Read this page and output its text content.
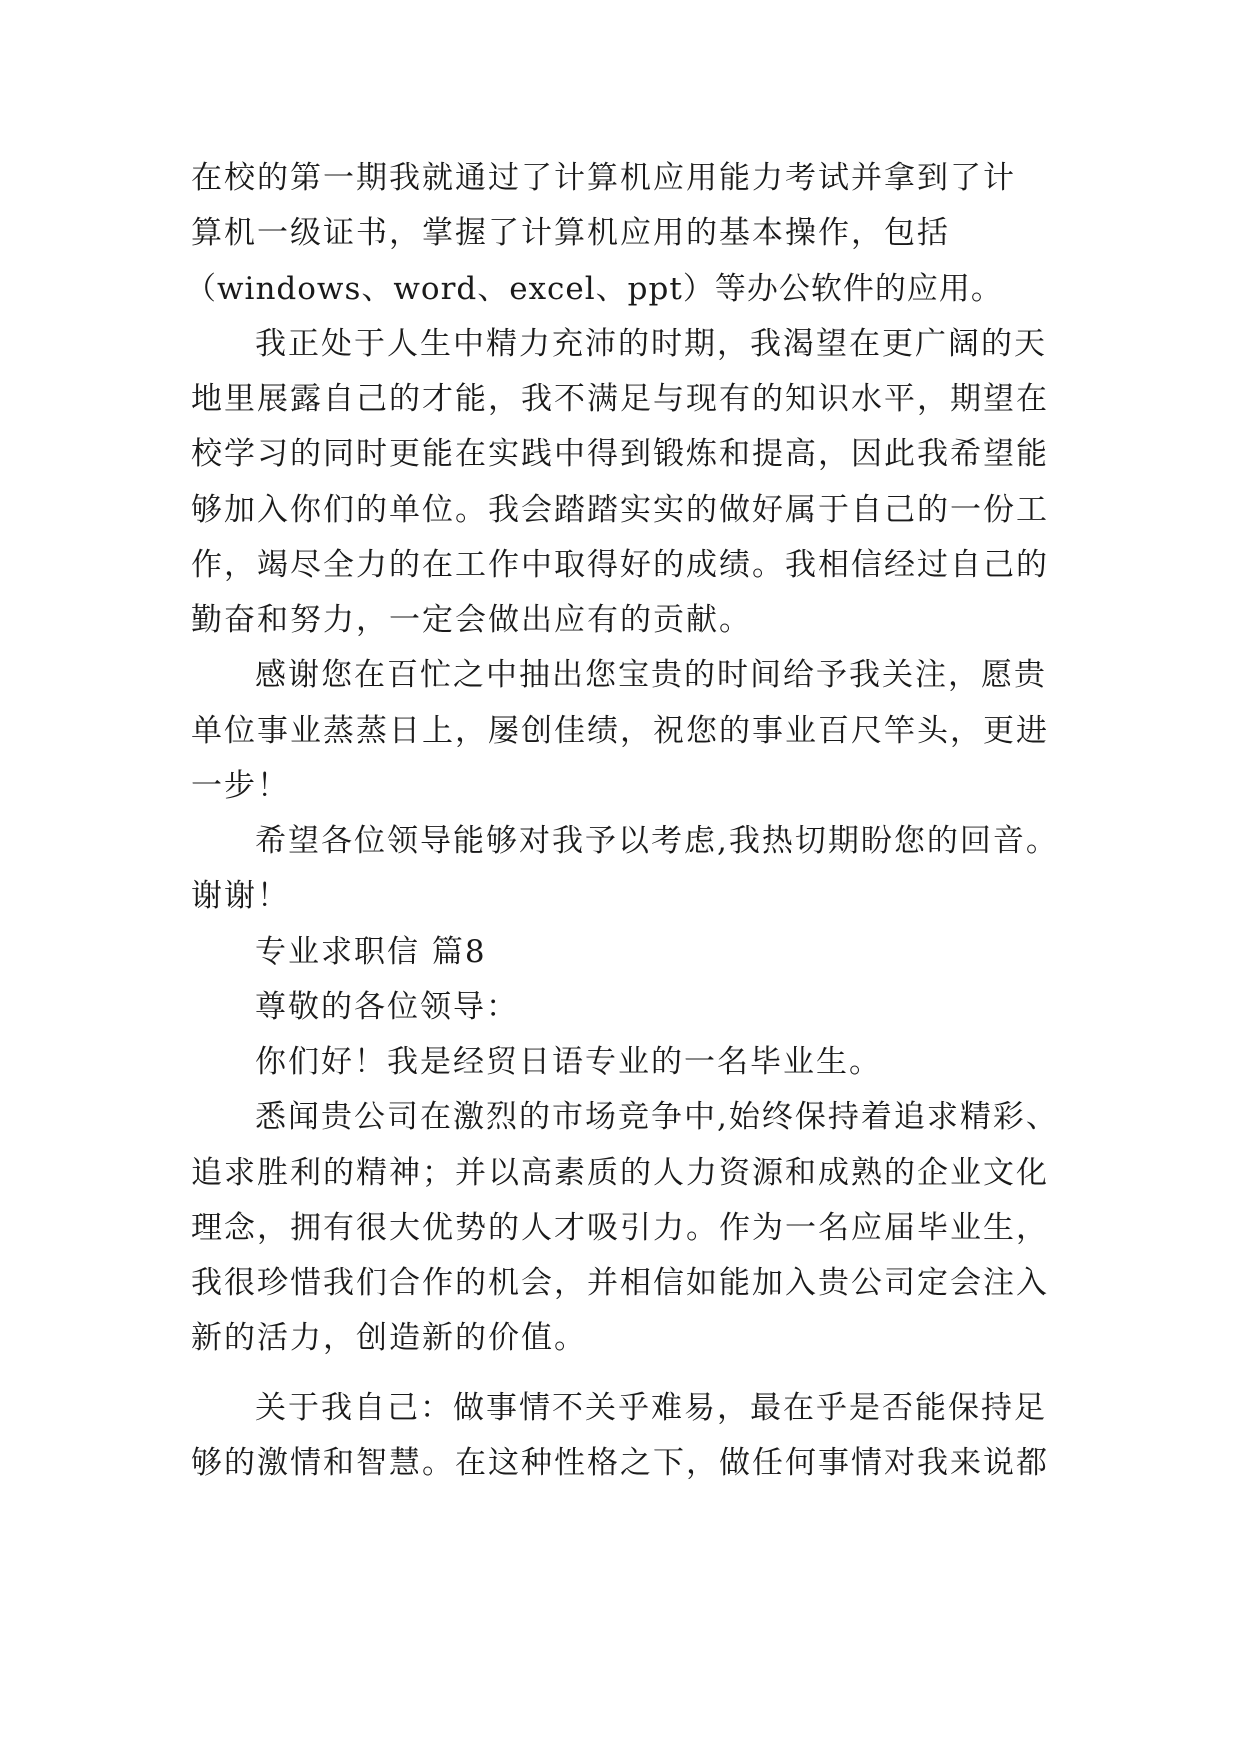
在校的第一期我就通过了计算机应用能力考试并拿到了计
算机一级证书，掌握了计算机应用的基本操作，包括
（windows、word、excel、ppt）等办公软件的应用。
我正处于人生中精力充沛的时期，我渴望在更广阔的天
地里展露自己的才能，我不满足与现有的知识水平，期望在
校学习的同时更能在实践中得到锻炼和提高，因此我希望能
够加入你们的单位。我会踏踏实实的做好属于自己的一份工
作，竭尽全力的在工作中取得好的成绩。我相信经过自己的
勤奋和努力，一定会做出应有的贡献。
感谢您在百忙之中抽出您宝贵的时间给予我关注，愿贵
单位事业蒸蒸日上，屡创佳绩，祝您的事业百尺竿头，更进
一步！
希望各位领导能够对我予以考虑,我热切期盼您的回音。
谢谢！
专业求职信 篇8
尊敬的各位领导：
你们好！我是经贸日语专业的一名毕业生。
悉闻贵公司在激烈的市场竞争中,始终保持着追求精彩、
追求胜利的精神；并以高素质的人力资源和成熟的企业文化
理念，拥有很大优势的人才吸引力。作为一名应届毕业生，
我很珍惜我们合作的机会，并相信如能加入贵公司定会注入
新的活力，创造新的价值。
关于我自己：做事情不关乎难易，最在乎是否能保持足
够的激情和智慧。在这种性格之下，做任何事情对我来说都
